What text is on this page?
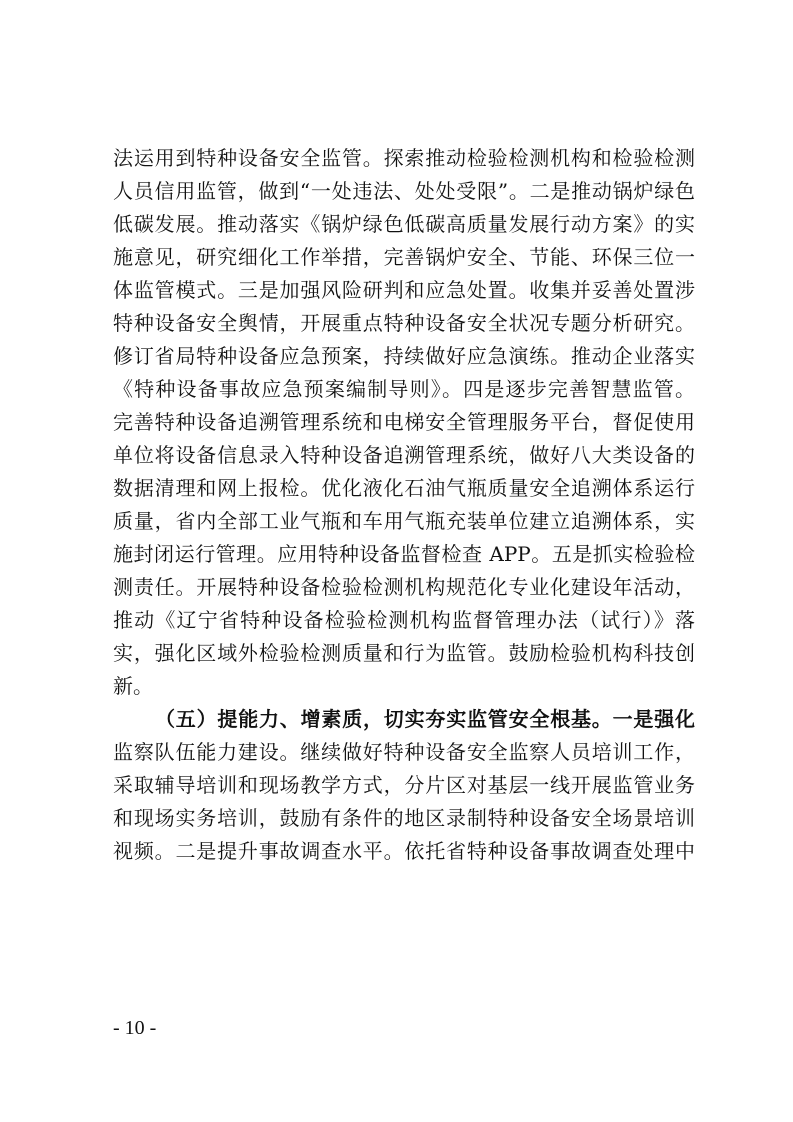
法运用到特种设备安全监管。探索推动检验检测机构和检验检测
人员信用监管，做到“一处违法、处处受限”。二是推动锅炉绿色
低碳发展。推动落实《锅炉绿色低碳高质量发展行动方案》的实
施意见，研究细化工作举措，完善锅炉安全、节能、环保三位一
体监管模式。三是加强风险研判和应急处置。收集并妥善处置涉
特种设备安全舆情，开展重点特种设备安全状况专题分析研究。
修订省局特种设备应急预案，持续做好应急演练。推动企业落实
《特种设备事故应急预案编制导则》。四是逐步完善智慧监管。
完善特种设备追溯管理系统和电梯安全管理服务平台，督促使用
单位将设备信息录入特种设备追溯管理系统，做好八大类设备的
数据清理和网上报检。优化液化石油气瓶质量安全追溯体系运行
质量，省内全部工业气瓶和车用气瓶充装单位建立追溯体系，实
施封闭运行管理。应用特种设备监督检查 APP。五是抓实检验检
测责任。开展特种设备检验检测机构规范化专业化建设年活动，
推动《辽宁省特种设备检验检测机构监督管理办法（试行）》落
实，强化区域外检验检测质量和行为监管。鼓励检验机构科技创
新。
（五）提能力、增素质，切实夯实监管安全根基。一是强化
监察队伍能力建设。继续做好特种设备安全监察人员培训工作，
采取辅导培训和现场教学方式，分片区对基层一线开展监管业务
和现场实务培训，鼓励有条件的地区录制特种设备安全场景培训
视频。二是提升事故调查水平。依托省特种设备事故调查处理中
- 10 -
